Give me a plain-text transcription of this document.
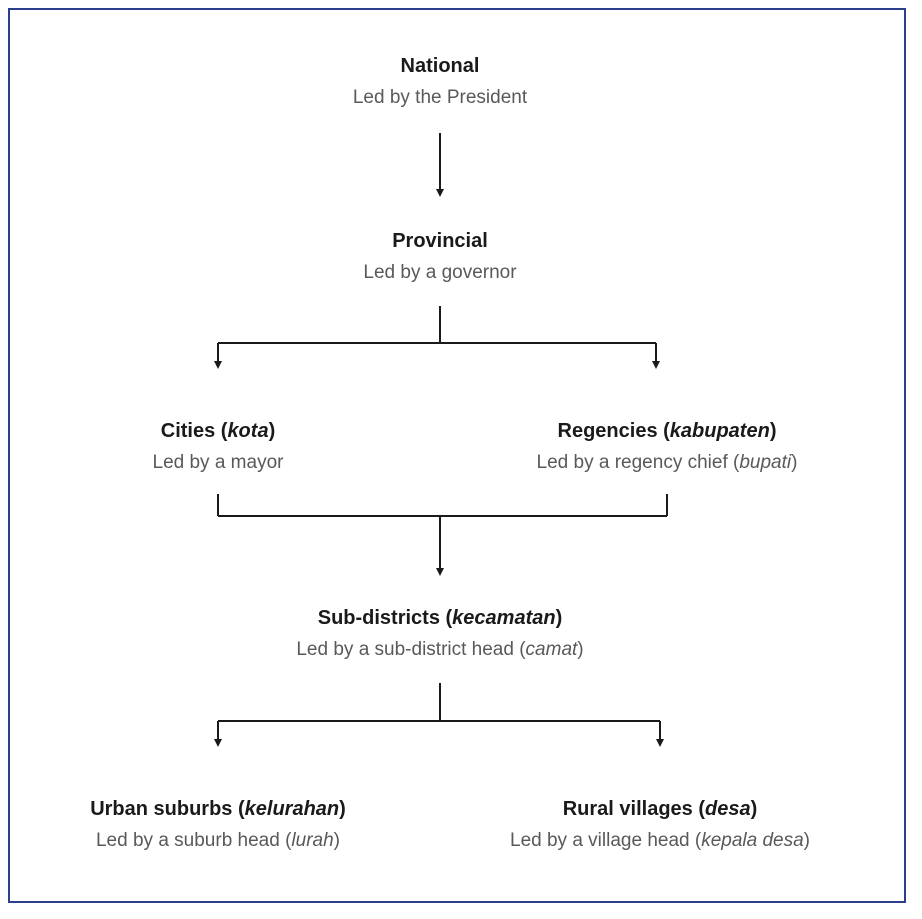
National
Led by the President
Provincial
Led by a governor
Cities (kota)
Led by a mayor
Regencies (kabupaten)
Led by a regency chief (bupati)
Sub-districts (kecamatan)
Led by a sub-district head (camat)
Urban suburbs (kelurahan)
Led by a suburb head (lurah)
Rural villages (desa)
Led by a village head (kepala desa)
